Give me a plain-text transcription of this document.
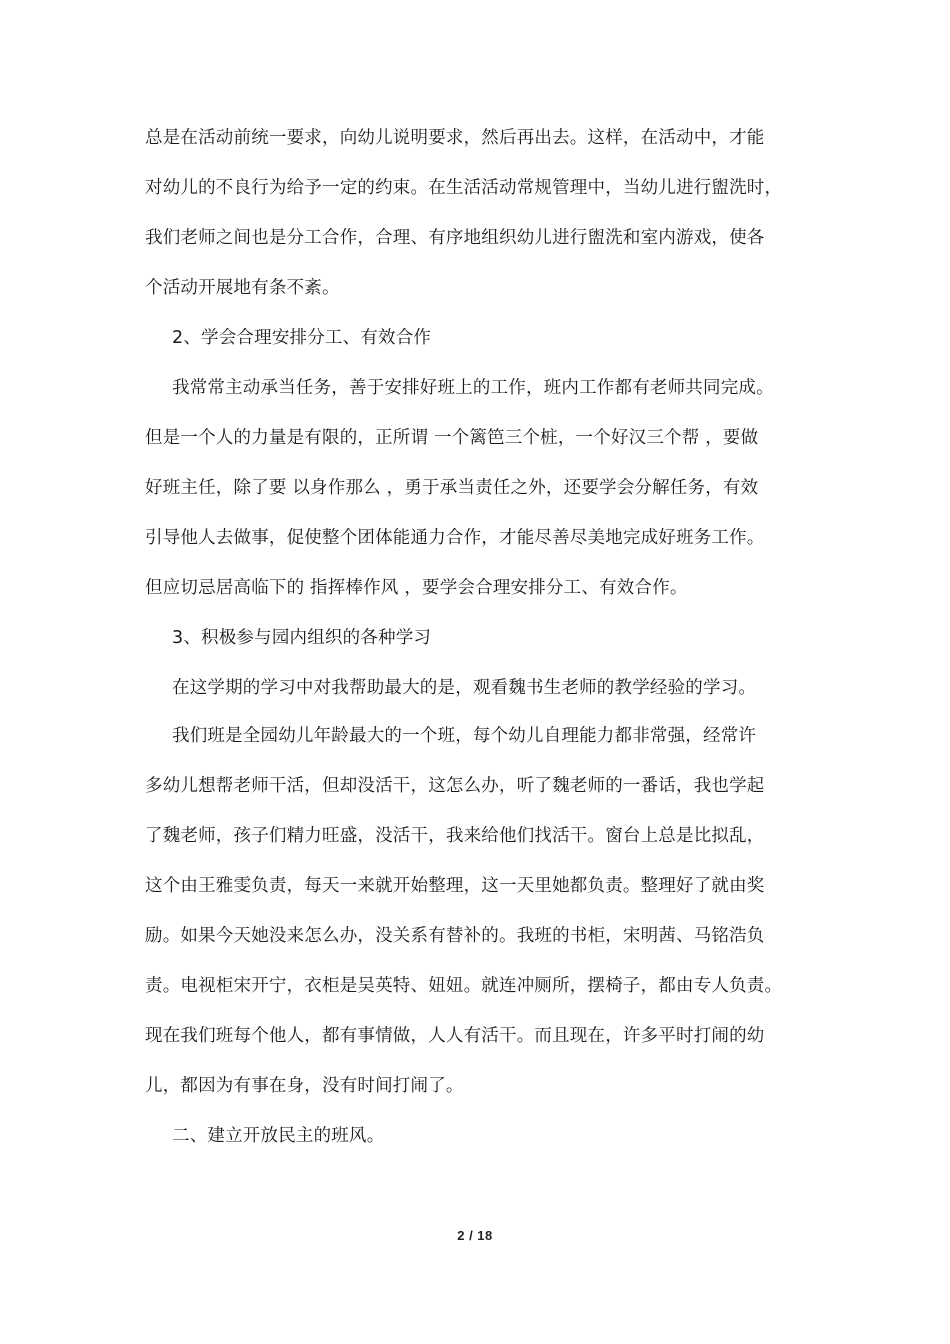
总是在活动前统一要求，向幼儿说明要求，然后再出去。这样，在活动中，才能
对幼儿的不良行为给予一定的约束。在生活活动常规管理中，当幼儿进行盥洗时，
我们老师之间也是分工合作，合理、有序地组织幼儿进行盥洗和室内游戏，使各
个活动开展地有条不紊。
2、学会合理安排分工、有效合作
我常常主动承当任务，善于安排好班上的工作，班内工作都有老师共同完成。
但是一个人的力量是有限的，正所谓 一个篱笆三个桩，一个好汉三个帮 ，要做
好班主任，除了要 以身作那么 ，勇于承当责任之外，还要学会分解任务，有效
引导他人去做事，促使整个团体能通力合作，才能尽善尽美地完成好班务工作。
但应切忌居高临下的 指挥棒作风 ，要学会合理安排分工、有效合作。
3、积极参与园内组织的各种学习
在这学期的学习中对我帮助最大的是，观看魏书生老师的教学经验的学习。
我们班是全园幼儿年龄最大的一个班，每个幼儿自理能力都非常强，经常许
多幼儿想帮老师干活，但却没活干，这怎么办，听了魏老师的一番话，我也学起
了魏老师，孩子们精力旺盛，没活干，我来给他们找活干。窗台上总是比拟乱，
这个由王雅雯负责，每天一来就开始整理，这一天里她都负责。整理好了就由奖
励。如果今天她没来怎么办，没关系有替补的。我班的书柜，宋明茜、马铭浩负
责。电视柜宋开宁，衣柜是吴英特、妞妞。就连冲厕所，摆椅子，都由专人负责。
现在我们班每个他人，都有事情做，人人有活干。而且现在，许多平时打闹的幼
儿，都因为有事在身，没有时间打闹了。
二、建立开放民主的班风。
2 / 18
